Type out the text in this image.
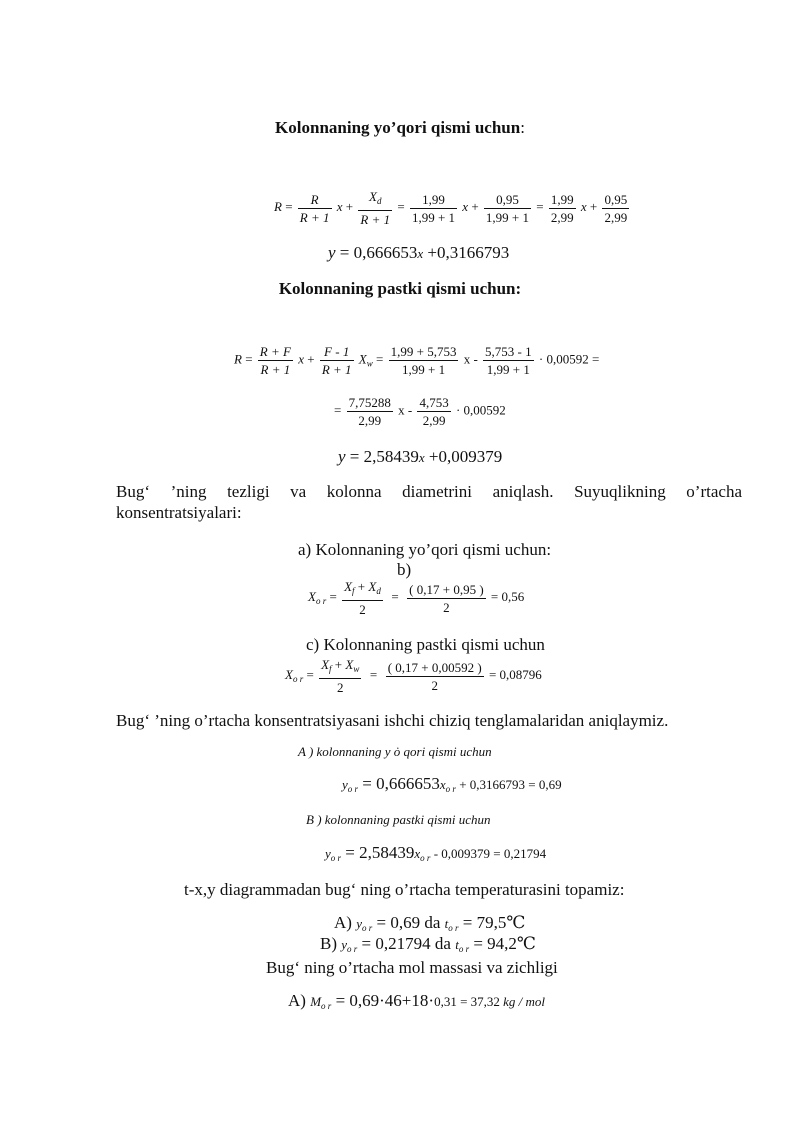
Kolonnaning yo’qori qismi uchun:
$R = \frac{R}{R + 1}$ $x + \frac{X_d}{R + 1} = \frac{1,99}{1,99 + 1}$ $x + \frac{0,95}{1,99 + 1} = \frac{1,99}{2,99}$ $x + \frac{0,95}{2,99}$
y = 0,666653x +0,3166793
Kolonnaning pastki qismi uchun:
$R = \frac{R + F}{R + 1}$ $x + \frac{F - 1}{R + 1} X_w = \frac{1,99 + 5,753}{1,99 + 1}$ $x - \frac{5,753 - 1}{1,99 + 1} \cdot 0,00592$ =
= $\frac{7,75288}{2,99}$ $x - \frac{4,753}{2,99} \cdot 0,00592$
y = 2,58439x +0,009379
Bug‘ ’ning tezligi va kolonna diametrini aniqlash. Suyuqlikning o’rtacha
konsentratsiyalari:
a) Kolonnaning yo’qori qismi uchun:
b)
$X_{o r} = \frac{X_f + X_d}{2} = \frac{( 0,17 + 0,95 )}{2} = 0,56$
c) Kolonnaning pastki qismi uchun
$X_{o r} = \frac{X_f + X_w}{2} = \frac{( 0,17 + 0,00592 )}{2} = 0,08796$
Bug‘ ’ning o’rtacha konsentratsiyasani ishchi chiziq tenglamalaridan aniqlaymiz.
A ) kolonnaning y ȯ qori qismi uchun
$y_{o r} = 0,666653x_{o r} + 0,3166793 = 0,69$
B ) kolonnaning pastki qismi uchun
$y_{o r} = 2,58439x_{o r} - 0,009379 = 0,21794$
t-x,y diagrammadan bug‘ ning o’rtacha temperaturasini topamiz:
A) $y_{o r} = 0,69$ da $t_{o r}$ = 79,5℃
B) $y_{o r} = 0,21794$ da $t_{o r}$ = 94,2℃
Bug‘ ning o’rtacha mol massasi va zichligi
A) $M_{o r} = 0,69\cdot 46+18\cdot 0,31 = 37,32$ kg / mol
